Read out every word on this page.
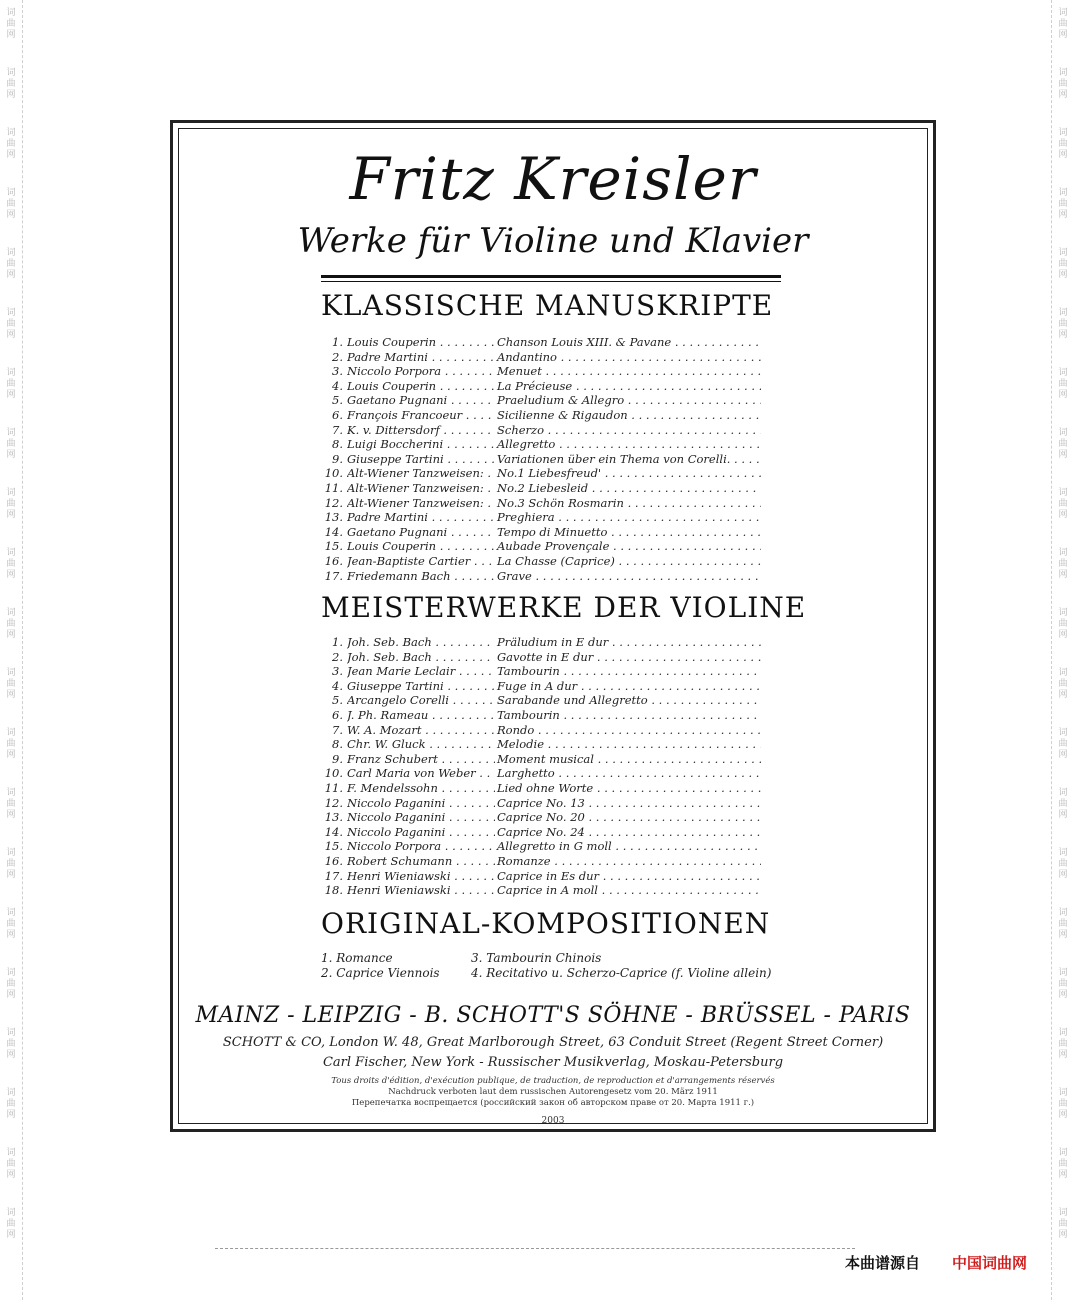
词
曲
网
词
曲
网
词
曲
网
词
曲
网
词
曲
网
词
曲
网
词
曲
网
词
曲
网
词
曲
网
词
曲
网
词
曲
网
词
曲
网
词
曲
网
词
曲
网
词
曲
网
词
曲
网
词
曲
网
词
曲
网
词
曲
网
词
曲
网
词
曲
网
词
曲
网
词
曲
网
词
曲
网
词
曲
网
词
曲
网
词
曲
网
词
曲
网
词
曲
网
词
曲
网
词
曲
网
词
曲
网
词
曲
网
词
曲
网
词
曲
网
词
曲
网
词
曲
网
词
曲
网
词
曲
网
词
曲
网
词
曲
网
词
曲
网
Fritz Kreisler
Werke für Violine und Klavier
KLASSISCHE MANUSKRIPTE
1. Louis Couperin . . .	Chanson Louis XIII. & Pavane . . .
2. Padre Martini . . .	Andantino . . .
3. Niccolo Porpora . . .	Menuet . . .
4. Louis Couperin . . .	La Précieuse . . .
5. Gaetano Pugnani . . .	Praeludium & Allegro . . .
6. François Francoeur . . .	Sicilienne & Rigaudon . . .
7. K. v. Dittersdorf . . .	Scherzo . . .
8. Luigi Boccherini . . .	Allegretto . . .
9. Giuseppe Tartini . . .	Variationen über ein Thema von Corelli. . . .
10. Alt-Wiener Tanzweisen: . . .	No.1 Liebesfreud' . . .
11. Alt-Wiener Tanzweisen: . . .	No.2 Liebesleid . . .
12. Alt-Wiener Tanzweisen: . . .	No.3 Schön Rosmarin . . .
13. Padre Martini . . .	Preghiera . . .
14. Gaetano Pugnani . . .	Tempo di Minuetto . . .
15. Louis Couperin . . .	Aubade Provençale . . .
16. Jean-Baptiste Cartier . . .	La Chasse (Caprice) . . .
17. Friedemann Bach . . .	Grave . . .
MEISTERWERKE DER VIOLINE
1. Joh. Seb. Bach . . .	Präludium in E dur . . .
2. Joh. Seb. Bach . . .	Gavotte in E dur . . .
3. Jean Marie Leclair . . .	Tambourin . . .
4. Giuseppe Tartini . . .	Fuge in A dur . . .
5. Arcangelo Corelli . . .	Sarabande und Allegretto . . .
6. J. Ph. Rameau . . .	Tambourin . . .
7. W. A. Mozart . . .	Rondo . . .
8. Chr. W. Gluck . . .	Melodie . . .
9. Franz Schubert . . .	Moment musical . . .
10. Carl Maria von Weber . . .	Larghetto . . .
11. F. Mendelssohn . . .	Lied ohne Worte . . .
12. Niccolo Paganini . . .	Caprice No. 13 . . .
13. Niccolo Paganini . . .	Caprice No. 20 . . .
14. Niccolo Paganini . . .	Caprice No. 24 . . .
15. Niccolo Porpora . . .	Allegretto in G moll . . .
16. Robert Schumann . . .	Romanze . . .
17. Henri Wieniawski . . .	Caprice in Es dur . . .
18. Henri Wieniawski . . .	Caprice in A moll . . .
ORIGINAL-KOMPOSITIONEN
1. Romance
2. Caprice Viennois
3. Tambourin Chinois
4. Recitativo u. Scherzo-Caprice (f. Violine allein)
MAINZ - LEIPZIG - B. SCHOTT'S SÖHNE - BRÜSSEL - PARIS
SCHOTT & CO, London W. 48, Great Marlborough Street, 63 Conduit Street (Regent Street Corner)
Carl Fischer, New York - Russischer Musikverlag, Moskau-Petersburg
Tous droits d'édition, d'exécution publique, de traduction, de reproduction et d'arrangements réservés
Nachdruck verboten laut dem russischen Autorengesetz vom 20. März 1911
Перепечатка воспрещается (российский закон об авторском праве от 20. Марта 1911 г.)
2003
本曲谱源自 中国词曲网
